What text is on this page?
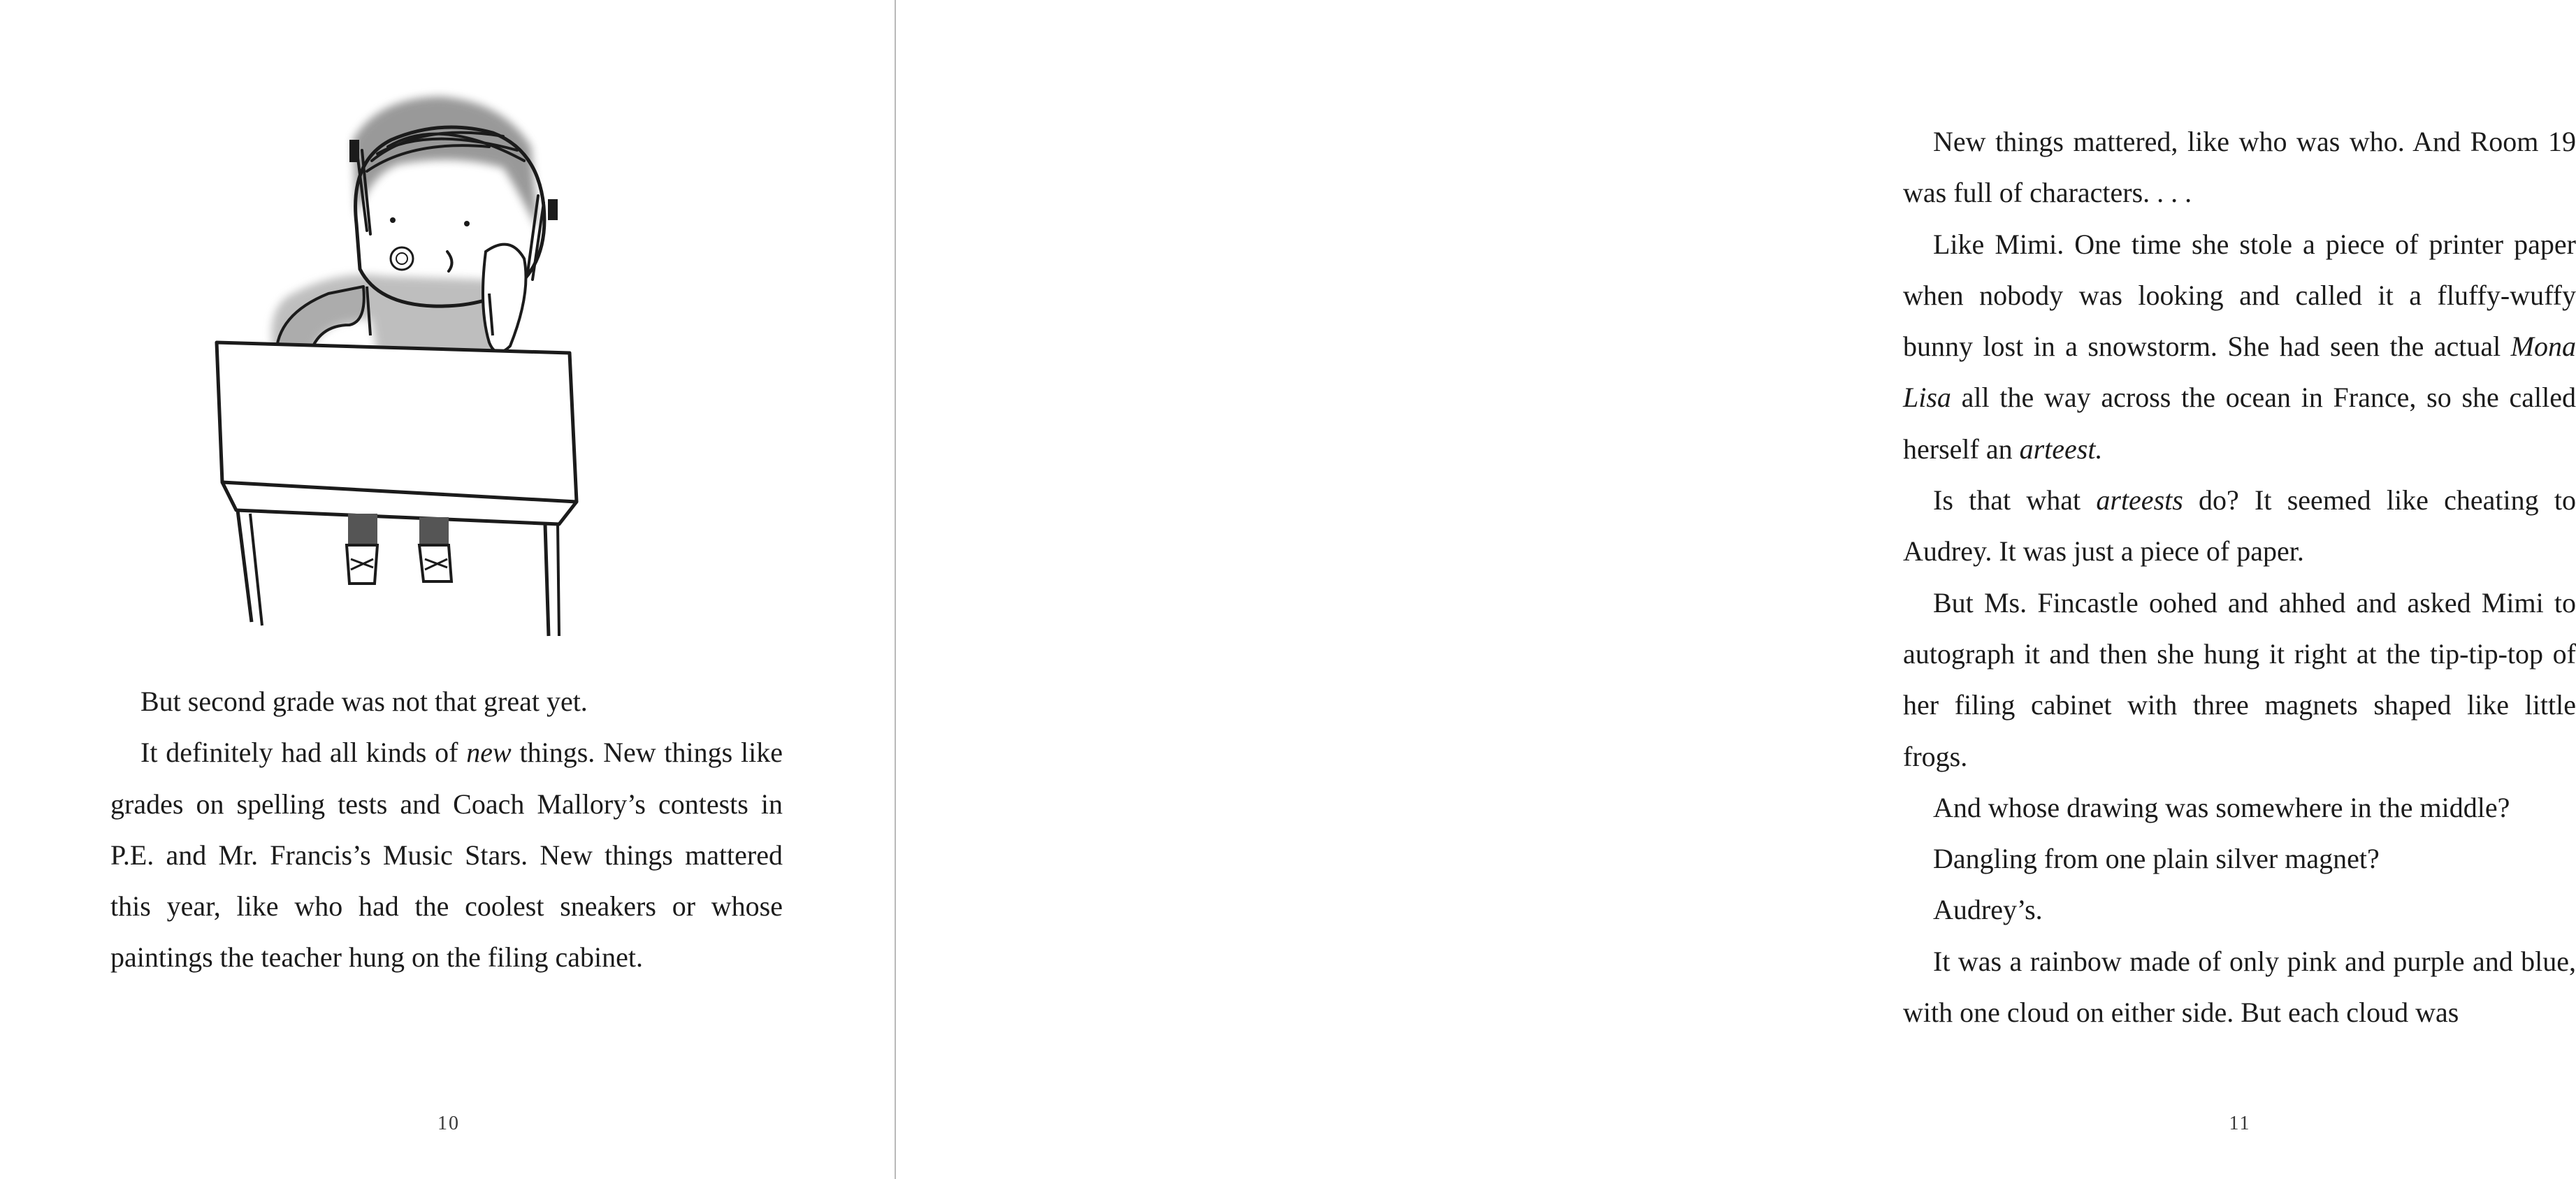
But second grade was not that great yet.

It definitely had all kinds of new things. New things like grades on spelling tests and Coach Mallory’s contests in P.E. and Mr. Francis’s Music Stars. New things mattered this year, like who had the coolest sneakers or whose paintings the teacher hung on the filing cabinet.

10

New things mattered, like who was who. And Room 19 was full of characters. . . .

Like Mimi. One time she stole a piece of printer paper when nobody was looking and called it a fluffy-wuffy bunny lost in a snowstorm. She had seen the actual Mona Lisa all the way across the ocean in France, so she called herself an arteest.

Is that what arteests do? It seemed like cheating to Audrey. It was just a piece of paper.

But Ms. Fincastle oohed and ahhed and asked Mimi to autograph it and then she hung it right at the tip-tip-top of her filing cabinet with three magnets shaped like little frogs.

And whose drawing was somewhere in the middle?

Dangling from one plain silver magnet?

Audrey’s.

It was a rainbow made of only pink and purple and blue, with one cloud on either side. But each cloud was

11
